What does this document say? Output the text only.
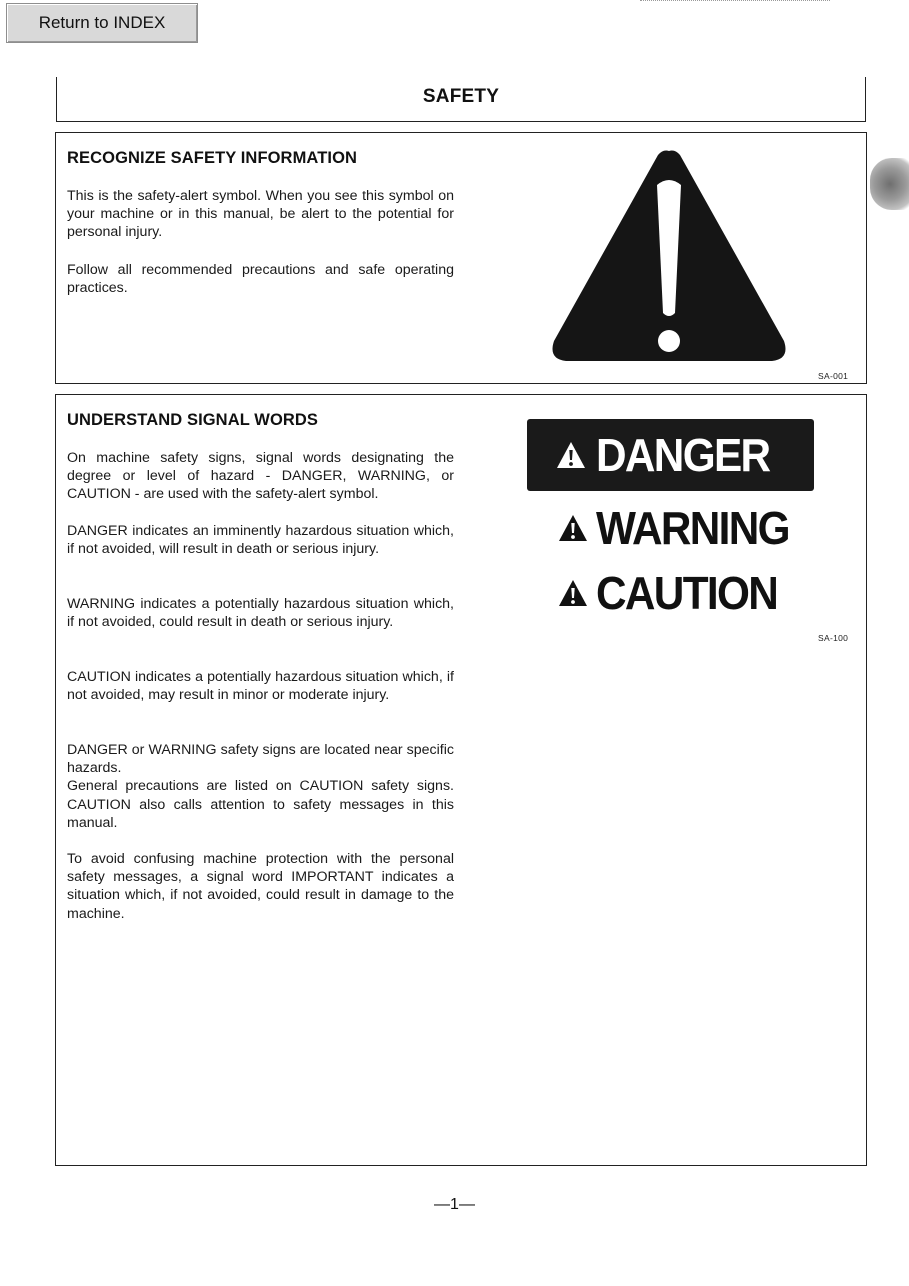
Return to INDEX
SAFETY
RECOGNIZE SAFETY INFORMATION
This is the safety-alert symbol. When you see this symbol on your machine or in this manual, be alert to the potential for personal injury.
Follow all recommended precautions and safe operating practices.
SA-001
UNDERSTAND SIGNAL WORDS
On machine safety signs, signal words designating the degree or level of hazard - DANGER, WARNING, or CAUTION - are used with the safety-alert symbol.
DANGER indicates an imminently hazardous situation which, if not avoided, will result in death or serious injury.
WARNING indicates a potentially hazardous situation which, if not avoided, could result in death or serious injury.
CAUTION indicates a potentially hazardous situation which, if not avoided, may result in minor or moderate injury.
DANGER or WARNING safety signs are located near specific hazards.
General precautions are listed on CAUTION safety signs. CAUTION also calls attention to safety messages in this manual.
To avoid confusing machine protection with the personal safety messages, a signal word IMPORTANT indicates a situation which, if not avoided, could result in damage to the machine.
DANGER
WARNING
CAUTION
SA-100
—1—
